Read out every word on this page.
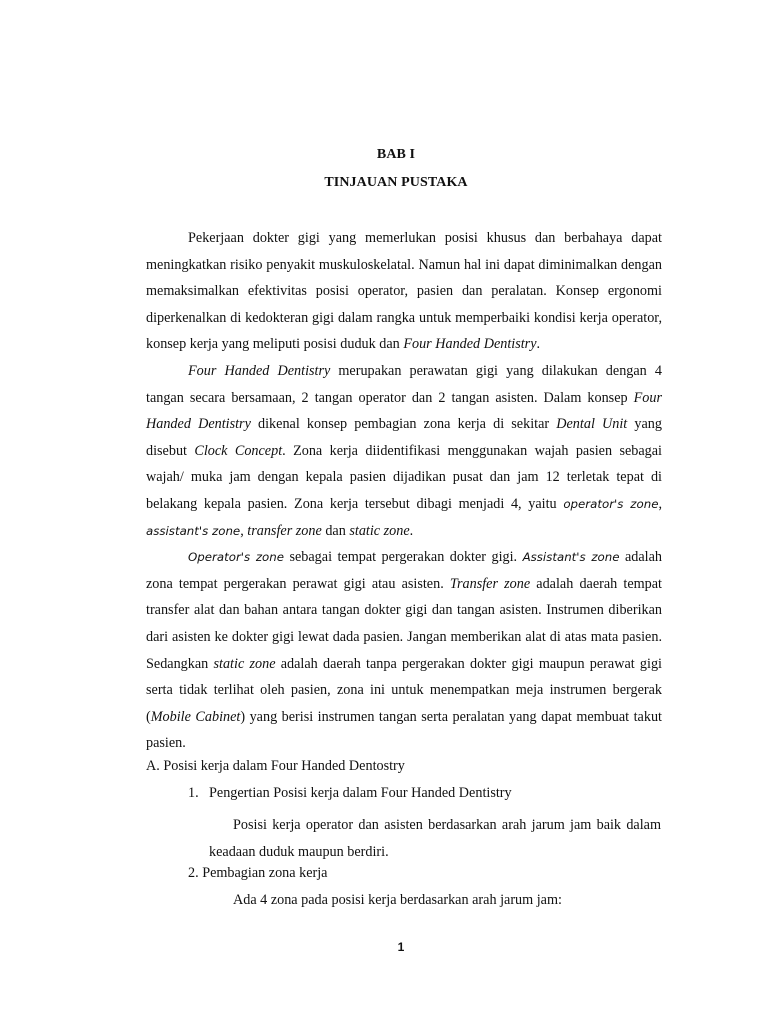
BAB I
TINJAUAN PUSTAKA

Pekerjaan dokter gigi yang memerlukan posisi khusus dan berbahaya dapat meningkatkan risiko penyakit muskuloskelatal. Namun hal ini dapat diminimalkan dengan memaksimalkan efektivitas posisi operator, pasien dan peralatan. Konsep ergonomi diperkenalkan di kedokteran gigi dalam rangka untuk memperbaiki kondisi kerja operator, konsep kerja yang meliputi posisi duduk dan Four Handed Dentistry.

Four Handed Dentistry merupakan perawatan gigi yang dilakukan dengan 4 tangan secara bersamaan, 2 tangan operator dan 2 tangan asisten. Dalam konsep Four Handed Dentistry dikenal konsep pembagian zona kerja di sekitar Dental Unit yang disebut Clock Concept. Zona kerja diidentifikasi menggunakan wajah pasien sebagai wajah/ muka jam dengan kepala pasien dijadikan pusat dan jam 12 terletak tepat di belakang kepala pasien. Zona kerja tersebut dibagi menjadi 4, yaitu operator's zone, assistant's zone, transfer zone dan static zone.

Operator's zone sebagai tempat pergerakan dokter gigi. Assistant's zone adalah zona tempat pergerakan perawat gigi atau asisten. Transfer zone adalah daerah tempat transfer alat dan bahan antara tangan dokter gigi dan tangan asisten. Instrumen diberikan dari asisten ke dokter gigi lewat dada pasien. Jangan memberikan alat di atas mata pasien. Sedangkan static zone adalah daerah tanpa pergerakan dokter gigi maupun perawat gigi serta tidak terlihat oleh pasien, zona ini untuk menempatkan meja instrumen bergerak (Mobile Cabinet) yang berisi instrumen tangan serta peralatan yang dapat membuat takut pasien.

A. Posisi kerja dalam Four Handed Dentostry
1. Pengertian Posisi kerja dalam Four Handed Dentistry

Posisi kerja operator dan asisten berdasarkan arah jarum jam baik dalam keadaan duduk maupun berdiri.

2. Pembagian zona kerja
Ada 4 zona pada posisi kerja berdasarkan arah jarum jam:
1
